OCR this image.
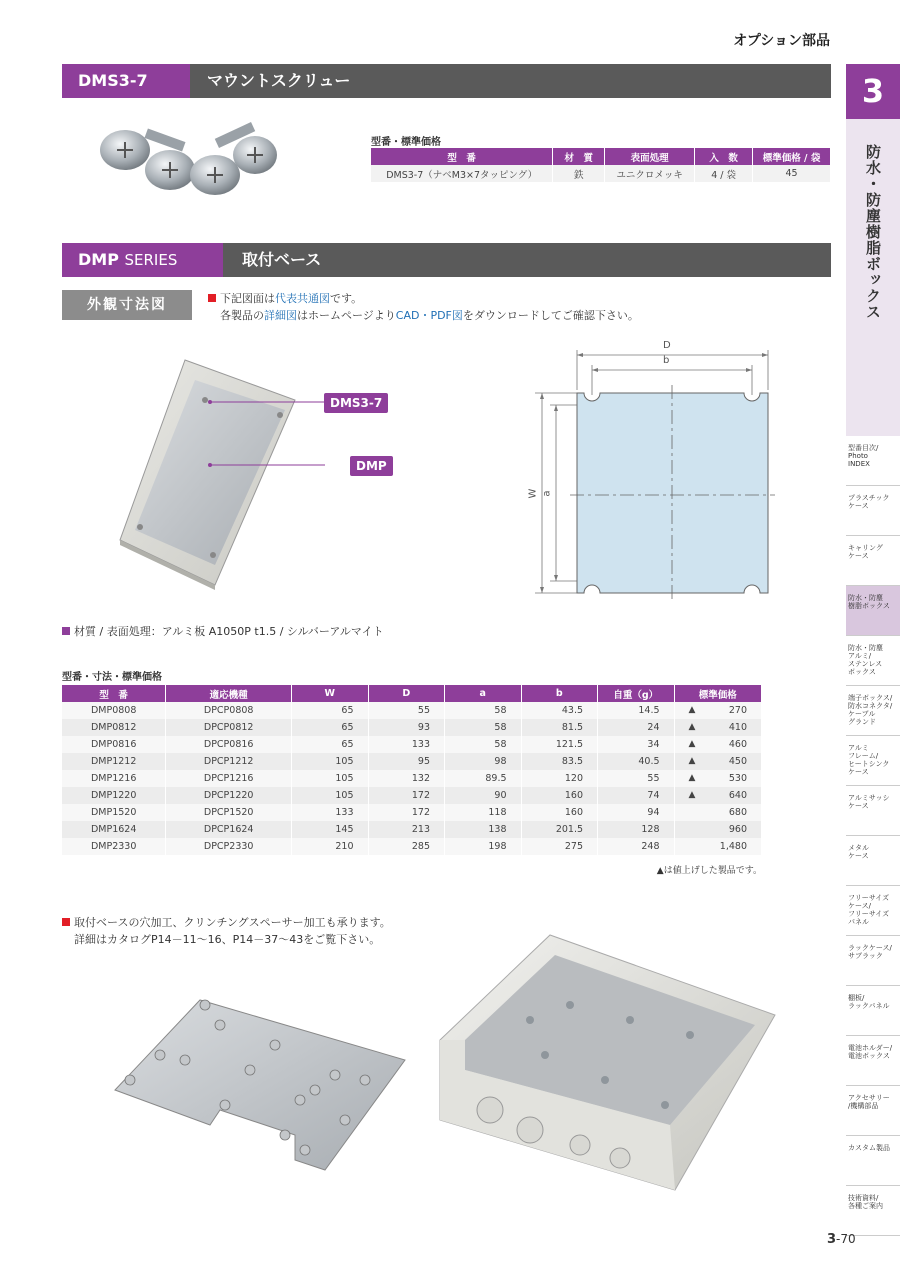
オプション部品
3
防水・防塵樹脂ボックス
型番目次/
Photo
INDEX
プラスチック
ケース
キャリング
ケース
防水・防塵
樹脂ボックス
防水・防塵
アルミ/
ステンレス
ボックス
端子ボックス/
防水コネクタ/
ケーブル
グランド
アルミ
フレーム/
ヒートシンク
ケース
アルミサッシ
ケース
メタル
ケース
フリーサイズ
ケース/
フリーサイズ
パネル
ラックケース/
サブラック
棚板/
ラックパネル
電池ホルダー/
電池ボックス
アクセサリー
/機構部品
カスタム製品
技術資料/
各種ご案内
DMS3-7	マウントスクリュー
型番・標準価格
型　番	材　質	表面処理	入　数	標準価格 / 袋
DMS3-7（ナベM3×7タッピング）	鉄	ユニクロメッキ	4 / 袋	45
DMP SERIES	取付ベース
外観寸法図	下記図面は代表共通図です。
各製品の詳細図はホームページよりCAD・PDF図をダウンロードしてご確認下さい。
DMS3-7
DMP
D
b
W a
材質 / 表面処理：アルミ板 A1050P t1.5 / シルバーアルマイト
型番・寸法・標準価格
型　番	適応機種	W	D	a	b	自重（g）	標準価格
DMP0808	DPCP0808	65	55	58	43.5	14.5	▲ 270
DMP0812	DPCP0812	65	93	58	81.5	24	▲ 410
DMP0816	DPCP0816	65	133	58	121.5	34	▲ 460
DMP1212	DPCP1212	105	95	98	83.5	40.5	▲ 450
DMP1216	DPCP1216	105	132	89.5	120	55	▲ 530
DMP1220	DPCP1220	105	172	90	160	74	▲ 640
DMP1520	DPCP1520	133	172	118	160	94	680
DMP1624	DPCP1624	145	213	138	201.5	128	960
DMP2330	DPCP2330	210	285	198	275	248	1,480
▲は値上げした製品です。
取付ベースの穴加工、クリンチングスペーサー加工も承ります。
詳細はカタログP14－11～16、P14－37～43をご覧下さい。
3-70
